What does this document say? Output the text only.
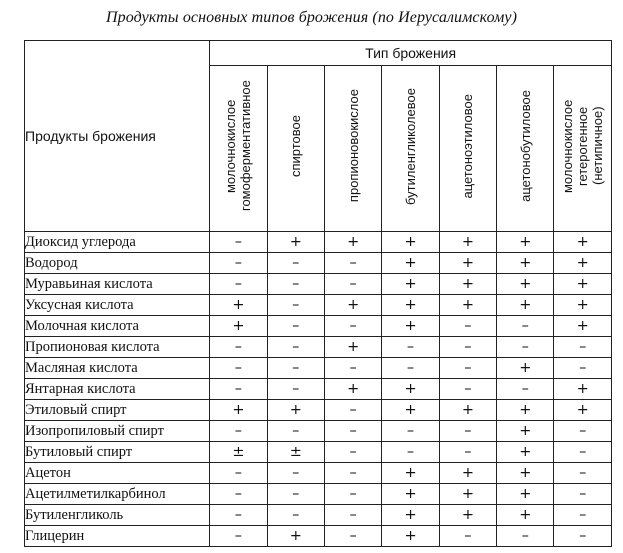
Продукты основных типов брожения (по Иерусалимскому)
Продукты брожения	Тип брожения						
	молочнокислое гомоферментативное	спиртовое	пропионовокислое	бутиленгликолевое	ацетоноэтиловое	ацетонобутиловое	молочнокислое гетерогенное (нетипичное)
Диоксид углерода	–	+	+	+	+	+	+
Водород	–	–	–	+	+	+	+
Муравьиная кислота	–	–	–	+	+	+	+
Уксусная кислота	+	–	+	+	+	+	+
Молочная кислота	+	–	–	+	–	–	+
Пропионовая кислота	–	–	+	–	–	–	–
Масляная кислота	–	–	–	–	–	+	–
Янтарная кислота	–	–	+	+	–	–	+
Этиловый спирт	+	+	–	+	+	+	+
Изопропиловый спирт	–	–	–	–	–	+	–
Бутиловый спирт	±	±	–	–	–	+	–
Ацетон	–	–	–	+	+	+	–
Ацетилметилкарбинол	–	–	–	+	+	+	–
Бутиленгликоль	–	–	–	+	+	+	–
Глицерин	–	+	–	+	–	–	–
